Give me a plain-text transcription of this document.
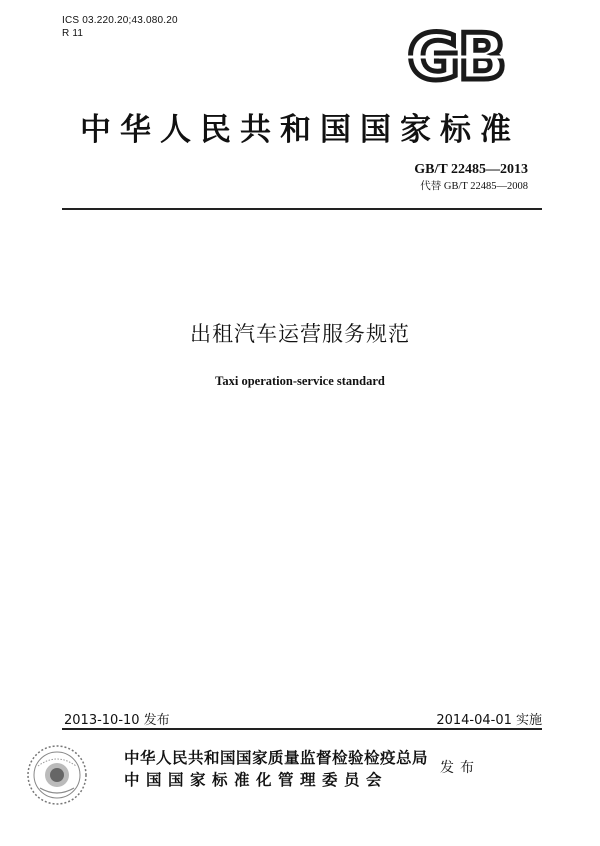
ICS 03.220.20;43.080.20
R 11	GB
中华人民共和国国家标准
GB/T 22485—2013
代替 GB/T 22485—2008
出租汽车运营服务规范
Taxi operation-service standard
2013-10-10 发布	2014-04-01 实施
中华人民共和国国家质量监督检验检疫总局
中国国家标准化管理委员会
发布
